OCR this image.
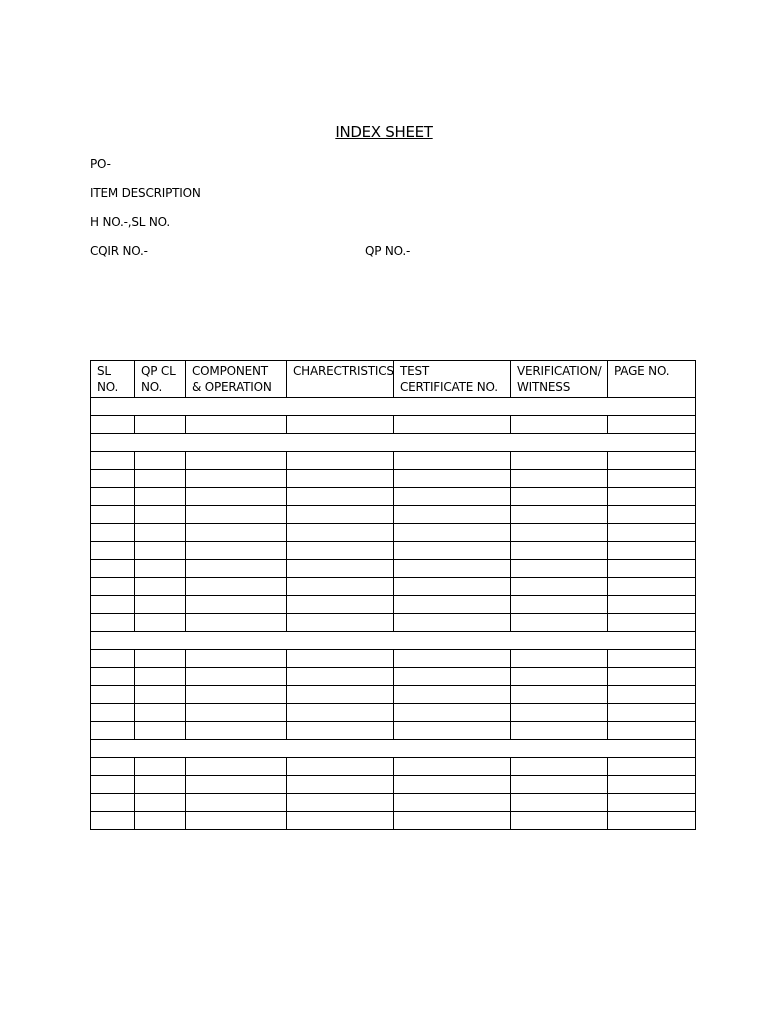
INDEX SHEET
PO-
ITEM DESCRIPTION
H NO.-,SL NO.
CQIR NO.-	QP NO.-
SL NO.	QP CL NO.	COMPONENT & OPERATION	CHARECTRISTICS	TEST CERTIFICATE NO.	VERIFICATION/ WITNESS	PAGE NO.
